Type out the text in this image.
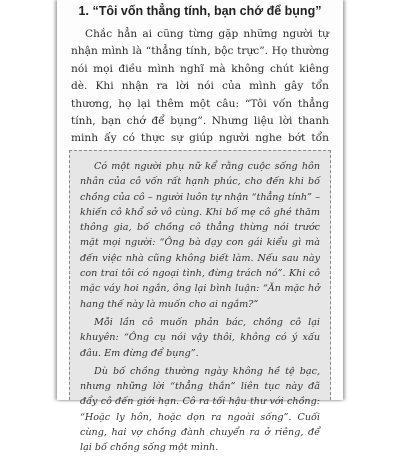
1. “Tôi vốn thẳng tính, bạn chớ để bụng”

Chắc hẳn ai cũng từng gặp những người tự nhận mình là “thẳng tính, bộc trực”. Họ thường nói mọi điều mình nghĩ mà không chút kiêng dè. Khi nhận ra lời nói của mình gây tổn thương, họ lại thêm một câu: “Tôi vốn thẳng tính, bạn chớ để bụng”. Nhưng liệu lời thanh minh ấy có thực sự giúp người nghe bớt tổn

Có một người phụ nữ kể rằng cuộc sống hôn nhân của cô vốn rất hạnh phúc, cho đến khi bố chồng của cô – người luôn tự nhận “thẳng tính” – khiến cô khổ sở vô cùng. Khi bố mẹ cô ghé thăm thông gia, bố chồng cô thẳng thừng nói trước mặt mọi người: “Ông bà dạy con gái kiểu gì mà đến việc nhà cũng không biết làm. Nếu sau này con trai tôi có ngoại tình, đừng trách nó”. Khi cô mặc váy hoi ngắn, ông lại bình luận: “Ăn mặc hở hang thế này là muốn cho ai ngắm?”

Mỗi lần cô muốn phản bác, chồng cô lại khuyên: “Ông cụ nói vậy thôi, không có ý xấu đâu. Em đừng để bụng”.

Dù bố chồng thường ngày không hề tệ bạc, nhưng những lời “thẳng thắn” liên tục này đã đẩy cô đến giới hạn. Cô ra tối hậu thư với chồng: “Hoặc ly hôn, hoặc dọn ra ngoài sống”. Cuối cùng, hai vợ chồng đành chuyển ra ở riêng, để lại bố chồng sống một mình.
